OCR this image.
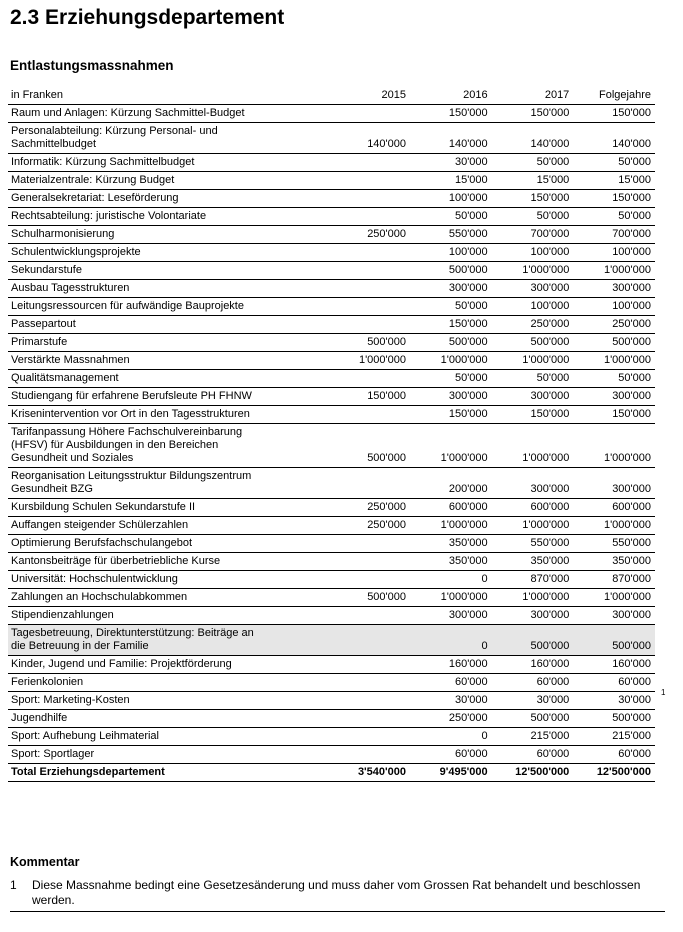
2.3 Erziehungsdepartement
Entlastungsmassnahmen
in Franken	2015	2016	2017	Folgejahre
Raum und Anlagen: Kürzung Sachmittel-Budget		150'000	150'000	150'000
Personalabteilung: Kürzung Personal- und Sachmittelbudget	140'000	140'000	140'000	140'000
Informatik: Kürzung Sachmittelbudget		30'000	50'000	50'000
Materialzentrale: Kürzung Budget		15'000	15'000	15'000
Generalsekretariat: Leseförderung		100'000	150'000	150'000
Rechtsabteilung: juristische Volontariate		50'000	50'000	50'000
Schulharmonisierung	250'000	550'000	700'000	700'000
Schulentwicklungsprojekte		100'000	100'000	100'000
Sekundarstufe		500'000	1'000'000	1'000'000
Ausbau Tagesstrukturen		300'000	300'000	300'000
Leitungsressourcen für aufwändige Bauprojekte		50'000	100'000	100'000
Passepartout		150'000	250'000	250'000
Primarstufe	500'000	500'000	500'000	500'000
Verstärkte Massnahmen	1'000'000	1'000'000	1'000'000	1'000'000
Qualitätsmanagement		50'000	50'000	50'000
Studiengang für erfahrene Berufsleute PH FHNW	150'000	300'000	300'000	300'000
Krisenintervention vor Ort in den Tagesstrukturen		150'000	150'000	150'000
Tarifanpassung Höhere Fachschulvereinbarung (HFSV) für Ausbildungen in den Bereichen Gesundheit und Soziales	500'000	1'000'000	1'000'000	1'000'000
Reorganisation Leitungsstruktur Bildungszentrum Gesundheit BZG		200'000	300'000	300'000
Kursbildung Schulen Sekundarstufe II	250'000	600'000	600'000	600'000
Auffangen steigender Schülerzahlen	250'000	1'000'000	1'000'000	1'000'000
Optimierung Berufsfachschulangebot		350'000	550'000	550'000
Kantonsbeiträge für überbetriebliche Kurse		350'000	350'000	350'000
Universität: Hochschulentwicklung		0	870'000	870'000
Zahlungen an Hochschulabkommen	500'000	1'000'000	1'000'000	1'000'000
Stipendienzahlungen		300'000	300'000	300'000
Tagesbetreuung, Direktunterstützung: Beiträge an die Betreuung in der Familie		0	500'000	500'000
Kinder, Jugend und Familie: Projektförderung		160'000	160'000	160'000
Ferienkolonien		60'000	60'000	60'000
Sport: Marketing-Kosten		30'000	30'000	30'000
Jugendhilfe		250'000	500'000	500'000
Sport: Aufhebung Leihmaterial		0	215'000	215'000
Sport: Sportlager		60'000	60'000	60'000
Total Erziehungsdepartement	3'540'000	9'495'000	12'500'000	12'500'000
1
Kommentar
1 Diese Massnahme bedingt eine Gesetzesänderung und muss daher vom Grossen Rat behandelt und beschlossen werden.
